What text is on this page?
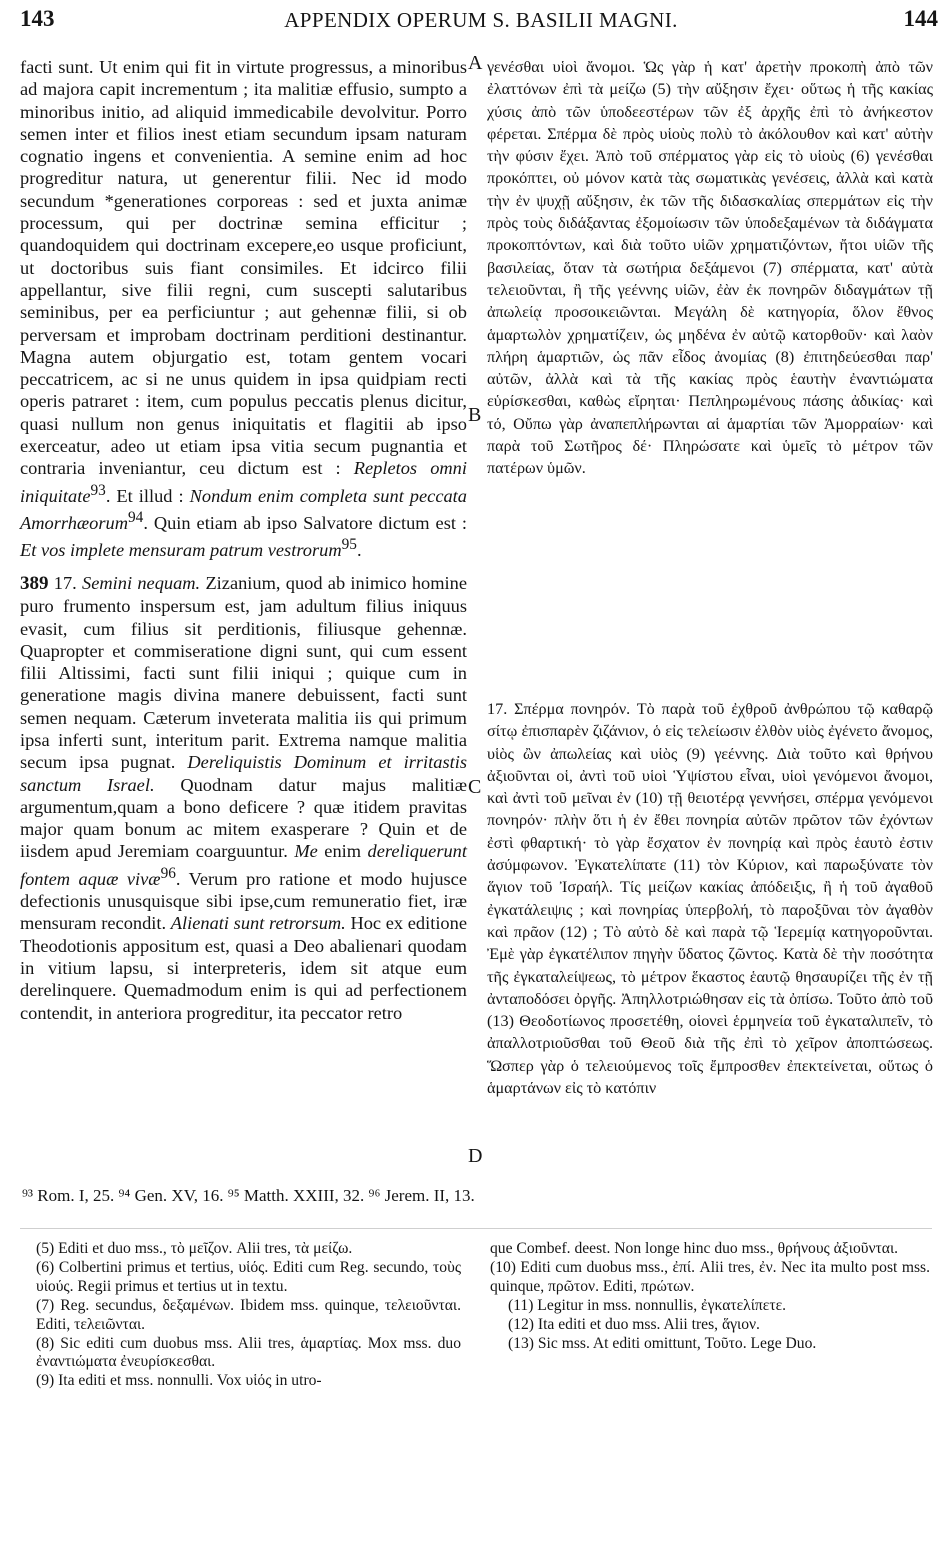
143	APPENDIX OPERUM S. BASILII MAGNI.	144

facti sunt. Ut enim qui fit in virtute progressus, a minoribus ad majora capit incrementum ; ita malitiæ effusio, sumpto a minoribus initio, ad aliquid immedicabile devolvitur. Porro semen inter et filios inest etiam secundum ipsam naturam cognatio ingens et convenientia. A semine enim ad hoc progreditur natura, ut generentur filii. Nec id modo secundum *generationes corporeas : sed et juxta animæ processum, qui per doctrinæ semina efficitur ; quandoquidem qui doctrinam excepere,eo usque proficiunt, ut doctoribus suis fiant consimiles. Et idcirco filii appellantur, sive filii regni, cum suscepti salutaribus seminibus, per ea perficiuntur ; aut gehennæ filii, si ob perversam et improbam doctrinam perditioni destinantur. Magna autem objurgatio est, totam gentem vocari peccatricem, ac si ne unus quidem in ipsa quidpiam recti operis patraret : item, cum populus peccatis plenus dicitur, quasi nullum non genus iniquitatis et flagitii ab ipso exerceatur, adeo ut etiam ipsa vitia secum pugnantia et contraria inveniantur, ceu dictum est : Repletos omni iniquitate$^{93}$. Et illud : Nondum enim completa sunt peccata Amorrhæorum$^{94}$. Quin etiam ab ipso Salvatore dictum est : Et vos implete mensuram patrum vestrorum$^{95}$.

389 17. Semini nequam. Zizanium, quod ab inimico homine puro frumento inspersum est, jam adultum filius iniquus evasit, cum filius sit perditionis, filiusque gehennæ. Quapropter et commiseratione digni sunt, qui cum essent filii Altissimi, facti sunt filii iniqui ; quique cum in generatione magis divina manere debuissent, facti sunt semen nequam. Cæterum inveterata malitia iis qui primum ipsa inferti sunt, interitum parit. Extrema namque malitia secum ipsa pugnat. Dereliquistis Dominum et irritastis sanctum Israel. Quodnam datur majus malitiæ argumentum,quam a bono deficere ? quæ itidem pravitas major quam bonum ac mitem exasperare ? Quin et de iisdem apud Jeremiam coarguuntur. Me enim dereliquerunt fontem aquæ vivæ$^{96}$. Verum pro ratione et modo hujusce defectionis unusquisque sibi ipse,cum remuneratio fiet, iræ mensuram recondit. Alienati sunt retrorsum. Hoc ex editione Theodotionis appositum est, quasi a Deo abalienari quodam in vitium lapsu, si interpreteris, idem sit atque eum derelinquere. Quemadmodum enim is qui ad perfectionem contendit, in anteriora progreditur, ita peccator retro

A
B
C
D

γενέσθαι υἱοὶ ἄνομοι. Ὡς γὰρ ἡ κατ' ἀρετὴν προκοπὴ ἀπὸ τῶν ἐλαττόνων ἐπὶ τὰ μείζω (5) τὴν αὔξησιν ἔχει· οὕτως ἡ τῆς κακίας χύσις ἀπὸ τῶν ὑποδεεστέρων τῶν ἐξ ἀρχῆς ἐπὶ τὸ ἀνήκεστον φέρεται. Σπέρμα δὲ πρὸς υἱοὺς πολὺ τὸ ἀκόλουθον καὶ κατ' αὐτὴν τὴν φύσιν ἔχει. Ἀπὸ τοῦ σπέρματος γὰρ εἰς τὸ υἱοὺς (6) γενέσθαι προκόπτει, οὐ μόνον κατὰ τὰς σωματικὰς γενέσεις, ἀλλὰ καὶ κατὰ τὴν ἐν ψυχῇ αὔξησιν, ἐκ τῶν τῆς διδασκαλίας σπερμάτων εἰς τὴν πρὸς τοὺς διδάξαντας ἐξομοίωσιν τῶν ὑποδεξαμένων τὰ διδάγματα προκοπτόντων, καὶ διὰ τοῦτο υἱῶν χρηματιζόντων, ἤτοι υἱῶν τῆς βασιλείας, ὅταν τὰ σωτήρια δεξάμενοι (7) σπέρματα, κατ' αὐτὰ τελειοῦνται, ἢ τῆς γεέννης υἱῶν, ἐὰν ἐκ πονηρῶν διδαγμάτων τῇ ἀπωλείᾳ προσοικειῶνται. Μεγάλη δὲ κατηγορία, ὅλον ἔθνος ἁμαρτωλὸν χρηματίζειν, ὡς μηδένα ἐν αὐτῷ κατορθοῦν· καὶ λαὸν πλήρη ἁμαρτιῶν, ὡς πᾶν εἶδος ἀνομίας (8) ἐπιτηδεύεσθαι παρ' αὐτῶν, ἀλλὰ καὶ τὰ τῆς κακίας πρὸς ἑαυτὴν ἐναντιώματα εὑρίσκεσθαι, καθὼς εἴρηται· Πεπληρωμένους πάσης ἀδικίας· καὶ τό, Οὔπω γὰρ ἀναπεπλήρωνται αἱ ἁμαρτίαι τῶν Ἀμορραίων· καὶ παρὰ τοῦ Σωτῆρος δέ· Πληρώσατε καὶ ὑμεῖς τὸ μέτρον τῶν πατέρων ὑμῶν.

17. Σπέρμα πονηρόν. Τὸ παρὰ τοῦ ἐχθροῦ ἀνθρώπου τῷ καθαρῷ σίτῳ ἐπισπαρὲν ζιζάνιον, ὁ εἰς τελείωσιν ἐλθὸν υἱὸς ἐγένετο ἄνομος, υἱὸς ὢν ἀπωλείας καὶ υἱὸς (9) γεέννης. Διὰ τοῦτο καὶ θρήνου ἀξιοῦνται οἱ, ἀντὶ τοῦ υἱοὶ Ὑψίστου εἶναι, υἱοὶ γενόμενοι ἄνομοι, καὶ ἀντὶ τοῦ μεῖναι ἐν (10) τῇ θειοτέρᾳ γεννήσει, σπέρμα γενόμενοι πονηρόν· πλὴν ὅτι ἡ ἐν ἔθει πονηρία αὐτῶν πρῶτον τῶν ἐχόντων ἐστὶ φθαρτική· τὸ γὰρ ἔσχατον ἐν πονηρίᾳ καὶ πρὸς ἑαυτὸ ἐστιν ἀσύμφωνον. Ἐγκατελίπατε (11) τὸν Κύριον, καὶ παρωξύνατε τὸν ἅγιον τοῦ Ἰσραήλ. Τίς μείζων κακίας ἀπόδειξις, ἢ ἡ τοῦ ἀγαθοῦ ἐγκατάλειψις ; καὶ πονηρίας ὑπερβολή, τὸ παροξῦναι τὸν ἀγαθὸν καὶ πρᾶον (12) ; Τὸ αὐτὸ δὲ καὶ παρὰ τῷ Ἱερεμίᾳ κατηγοροῦνται. Ἐμὲ γὰρ ἐγκατέλιπον πηγὴν ὕδατος ζῶντος. Κατὰ δὲ τὴν ποσότητα τῆς ἐγκαταλείψεως, τὸ μέτρον ἕκαστος ἑαυτῷ θησαυρίζει τῆς ἐν τῇ ἀνταποδόσει ὀργῆς. Ἀπηλλοτριώθησαν εἰς τὰ ὀπίσω. Τοῦτο ἀπὸ τοῦ (13) Θεοδοτίωνος προσετέθη, οἱονεὶ ἑρμηνεία τοῦ ἐγκαταλιπεῖν, τὸ ἀπαλλοτριοῦσθαι τοῦ Θεοῦ διὰ τῆς ἐπὶ τὸ χεῖρον ἀποπτώσεως. Ὥσπερ γὰρ ὁ τελειούμενος τοῖς ἔμπροσθεν ἐπεκτείνεται, οὕτως ὁ ἁμαρτάνων εἰς τὸ κατόπιν

⁹³ Rom. I, 25. ⁹⁴ Gen. XV, 16. ⁹⁵ Matth. XXIII, 32. ⁹⁶ Jerem. II, 13.

(5) Editi et duo mss., τὸ μεῖζον. Alii tres, τὰ μείζω.

(6) Colbertini primus et tertius, υἱός. Editi cum Reg. secundo, τοὺς υἱούς. Regii primus et tertius ut in textu.

(7) Reg. secundus, δεξαμένων. Ibidem mss. quinque, τελειοῦνται. Editi, τελειῶνται.

(8) Sic editi cum duobus mss. Alii tres, ἁμαρτίας. Mox mss. duo ἐναντιώματα ἐνευρίσκεσθαι.

(9) Ita editi et mss. nonnulli. Vox υἱός in utro-

que Combef. deest. Non longe hinc duo mss., θρήνους ἀξιοῦνται.

(10) Editi cum duobus mss., ἐπί. Alii tres, ἐν. Nec ita multo post mss. quinque, πρῶτον. Editi, πρώτων.

(11) Legitur in mss. nonnullis, ἐγκατελίπετε.

(12) Ita editi et duo mss. Alii tres, ἅγιον.

(13) Sic mss. At editi omittunt, Τοῦτο. Lege Duo.
